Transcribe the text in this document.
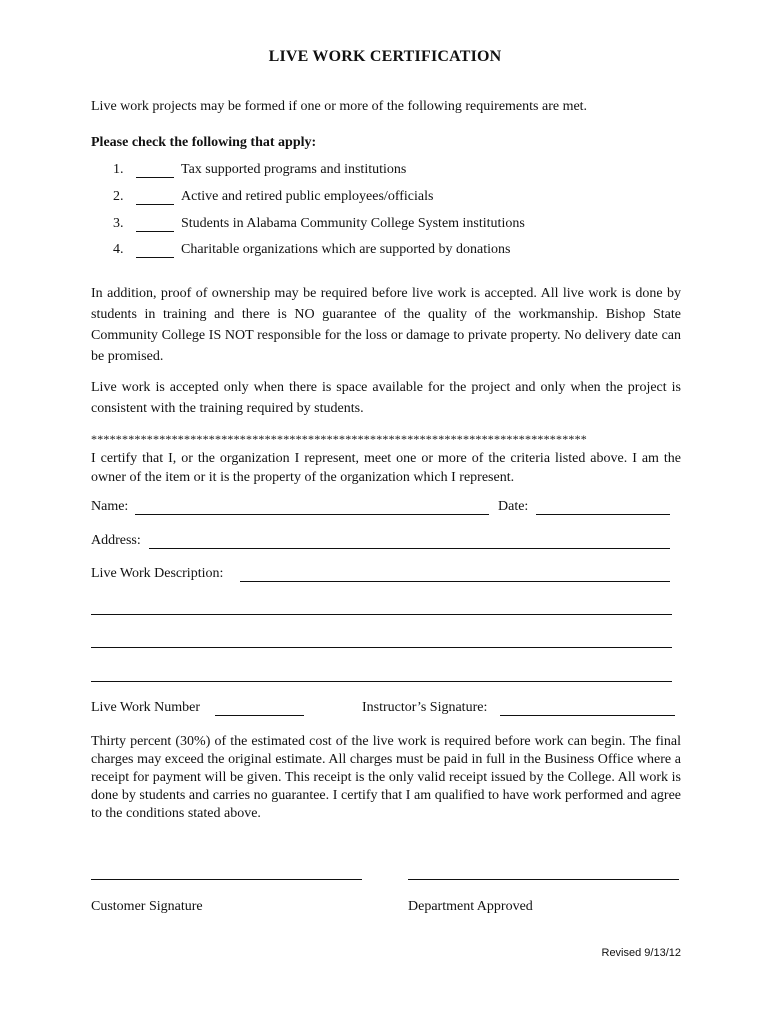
LIVE WORK CERTIFICATION
Live work projects may be formed if one or more of the following requirements are met.
Please check the following that apply:
1.	Tax supported programs and institutions
2.	Active and retired public employees/officials
3.	Students in Alabama Community College System institutions
4.	Charitable organizations which are supported by donations
In addition, proof of ownership may be required before live work is accepted. All live work is done by students in training and there is NO guarantee of the quality of the workmanship. Bishop State Community College IS NOT responsible for the loss or damage to private property. No delivery date can be promised.
Live work is accepted only when there is space available for the project and only when the project is consistent with the training required by students.
********************************************************************************
I certify that I, or the organization I represent, meet one or more of the criteria listed above. I am the owner of the item or it is the property of the organization which I represent.
Name:	Date:
Address:
Live Work Description:
Live Work Number	Instructor’s Signature:
Thirty percent (30%) of the estimated cost of the live work is required before work can begin. The final charges may exceed the original estimate. All charges must be paid in full in the Business Office where a receipt for payment will be given. This receipt is the only valid receipt issued by the College. All work is done by students and carries no guarantee. I certify that I am qualified to have work performed and agree to the conditions stated above.
Customer Signature	Department Approved
Revised 9/13/12
